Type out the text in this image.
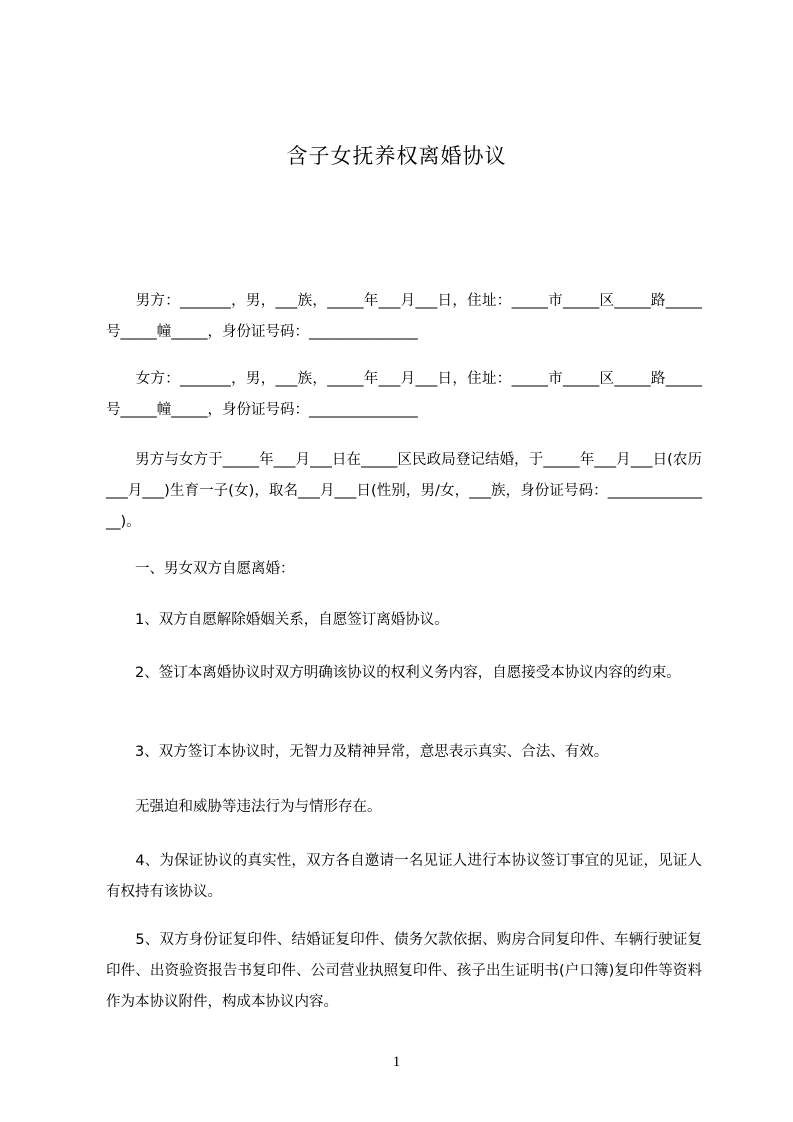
含子女抚养权离婚协议
　　男方：_______，男，___族，_____年___月___日，住址：_____市_____区_____路_____号_____幢_____，身份证号码：_______________
　　女方：_______，男，___族，_____年___月___日，住址：_____市_____区_____路_____号_____幢_____，身份证号码：_______________
　　男方与女方于_____年___月___日在_____区民政局登记结婚，于_____年___月___日(农历___月___)生育一子(女)，取名___月___日(性别，男/女，___族，身份证号码：_______________)。
　　一、男女双方自愿离婚：
　　1、双方自愿解除婚姻关系，自愿签订离婚协议。
　　2、签订本离婚协议时双方明确该协议的权利义务内容，自愿接受本协议内容的约束。
　　3、双方签订本协议时，无智力及精神异常，意思表示真实、合法、有效。
　　无强迫和威胁等违法行为与情形存在。
　　4、为保证协议的真实性，双方各自邀请一名见证人进行本协议签订事宜的见证，见证人有权持有该协议。
　　5、双方身份证复印件、结婚证复印件、债务欠款依据、购房合同复印件、车辆行驶证复印件、出资验资报告书复印件、公司营业执照复印件、孩子出生证明书(户口簿)复印件等资料作为本协议附件，构成本协议内容。
1
